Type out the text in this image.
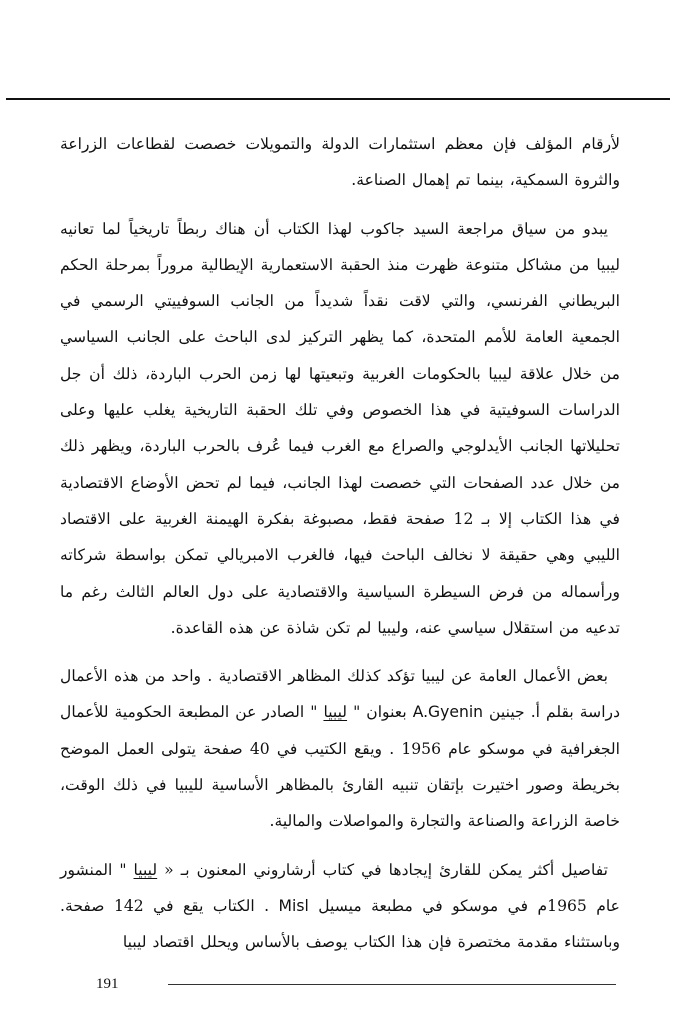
لأرقام المؤلف فإن معظم استثمارات الدولة والتمويلات خصصت لقطاعات الزراعة والثروة السمكية، بينما تم إهمال الصناعة.

يبدو من سياق مراجعة السيد جاكوب لهذا الكتاب أن هناك ربطاً تاريخياً لما تعانيه ليبيا من مشاكل متنوعة ظهرت منذ الحقبة الاستعمارية الإيطالية مروراً بمرحلة الحكم البريطاني الفرنسي، والتي لاقت نقداً شديداً من الجانب السوفييتي الرسمي في الجمعية العامة للأمم المتحدة، كما يظهر التركيز لدى الباحث على الجانب السياسي من خلال علاقة ليبيا بالحكومات الغربية وتبعيتها لها زمن الحرب الباردة، ذلك أن جل الدراسات السوفيتية في هذا الخصوص وفي تلك الحقبة التاريخية يغلب عليها وعلى تحليلاتها الجانب الأيدلوجي والصراع مع الغرب فيما عُرف بالحرب الباردة، ويظهر ذلك من خلال عدد الصفحات التي خصصت لهذا الجانب، فيما لم تحض الأوضاع الاقتصادية في هذا الكتاب إلا بـ 12 صفحة فقط، مصبوغة بفكرة الهيمنة الغربية على الاقتصاد الليبي وهي حقيقة لا نخالف الباحث فيها، فالغرب الامبريالي تمكن بواسطة شركاته ورأسماله من فرض السيطرة السياسية والاقتصادية على دول العالم الثالث رغم ما تدعيه من استقلال سياسي عنه، وليبيا لم تكن شاذة عن هذه القاعدة.

بعض الأعمال العامة عن ليبيا تؤكد كذلك المظاهر الاقتصادية . واحد من هذه الأعمال دراسة بقلم أ. جينين A.Gyenin بعنوان " ليبيا " الصادر عن المطبعة الحكومية للأعمال الجغرافية في موسكو عام 1956 . ويقع الكتيب في 40 صفحة يتولى العمل الموضح بخريطة وصور اختيرت بإتقان تنبيه القارئ بالمظاهر الأساسية لليبيا في ذلك الوقت، خاصة الزراعة والصناعة والتجارة والمواصلات والمالية.

تفاصيل أكثر يمكن للقارئ إيجادها في كتاب أرشاروني المعنون بـ « ليبيا " المنشور عام 1965م في موسكو في مطبعة ميسيل Misl . الكتاب يقع في 142 صفحة. وباستثناء مقدمة مختصرة فإن هذا الكتاب يوصف بالأساس ويحلل اقتصاد ليبيا

191
